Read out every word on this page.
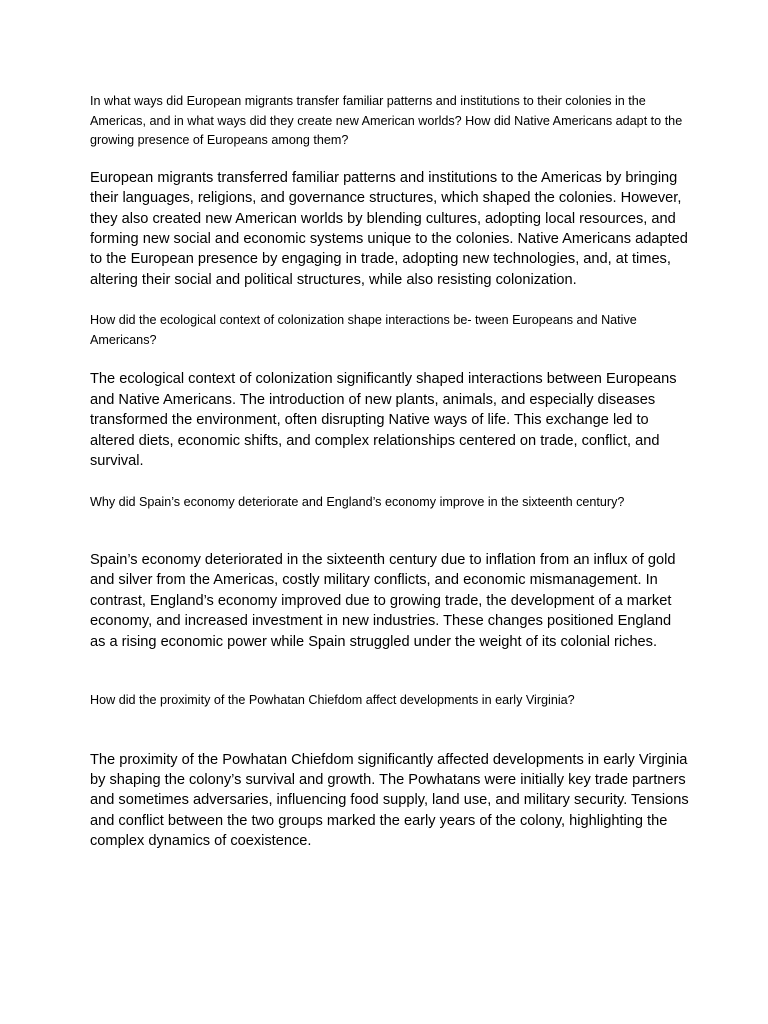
In what ways did European migrants transfer familiar patterns and institutions to their colonies in the Americas, and in what ways did they create new American worlds? How did Native Americans adapt to the growing presence of Europeans among them?

European migrants transferred familiar patterns and institutions to the Americas by bringing their languages, religions, and governance structures, which shaped the colonies. However, they also created new American worlds by blending cultures, adopting local resources, and forming new social and economic systems unique to the colonies. Native Americans adapted to the European presence by engaging in trade, adopting new technologies, and, at times, altering their social and political structures, while also resisting colonization.

How did the ecological context of colonization shape interactions be- tween Europeans and Native Americans?

The ecological context of colonization significantly shaped interactions between Europeans and Native Americans. The introduction of new plants, animals, and especially diseases transformed the environment, often disrupting Native ways of life. This exchange led to altered diets, economic shifts, and complex relationships centered on trade, conflict, and survival.

Why did Spain’s economy deteriorate and England’s economy improve in the sixteenth century?

Spain’s economy deteriorated in the sixteenth century due to inflation from an influx of gold and silver from the Americas, costly military conflicts, and economic mismanagement. In contrast, England’s economy improved due to growing trade, the development of a market economy, and increased investment in new industries. These changes positioned England as a rising economic power while Spain struggled under the weight of its colonial riches.

How did the proximity of the Powhatan Chiefdom affect developments in early Virginia?

The proximity of the Powhatan Chiefdom significantly affected developments in early Virginia by shaping the colony’s survival and growth. The Powhatans were initially key trade partners and sometimes adversaries, influencing food supply, land use, and military security. Tensions and conflict between the two groups marked the early years of the colony, highlighting the complex dynamics of coexistence.
